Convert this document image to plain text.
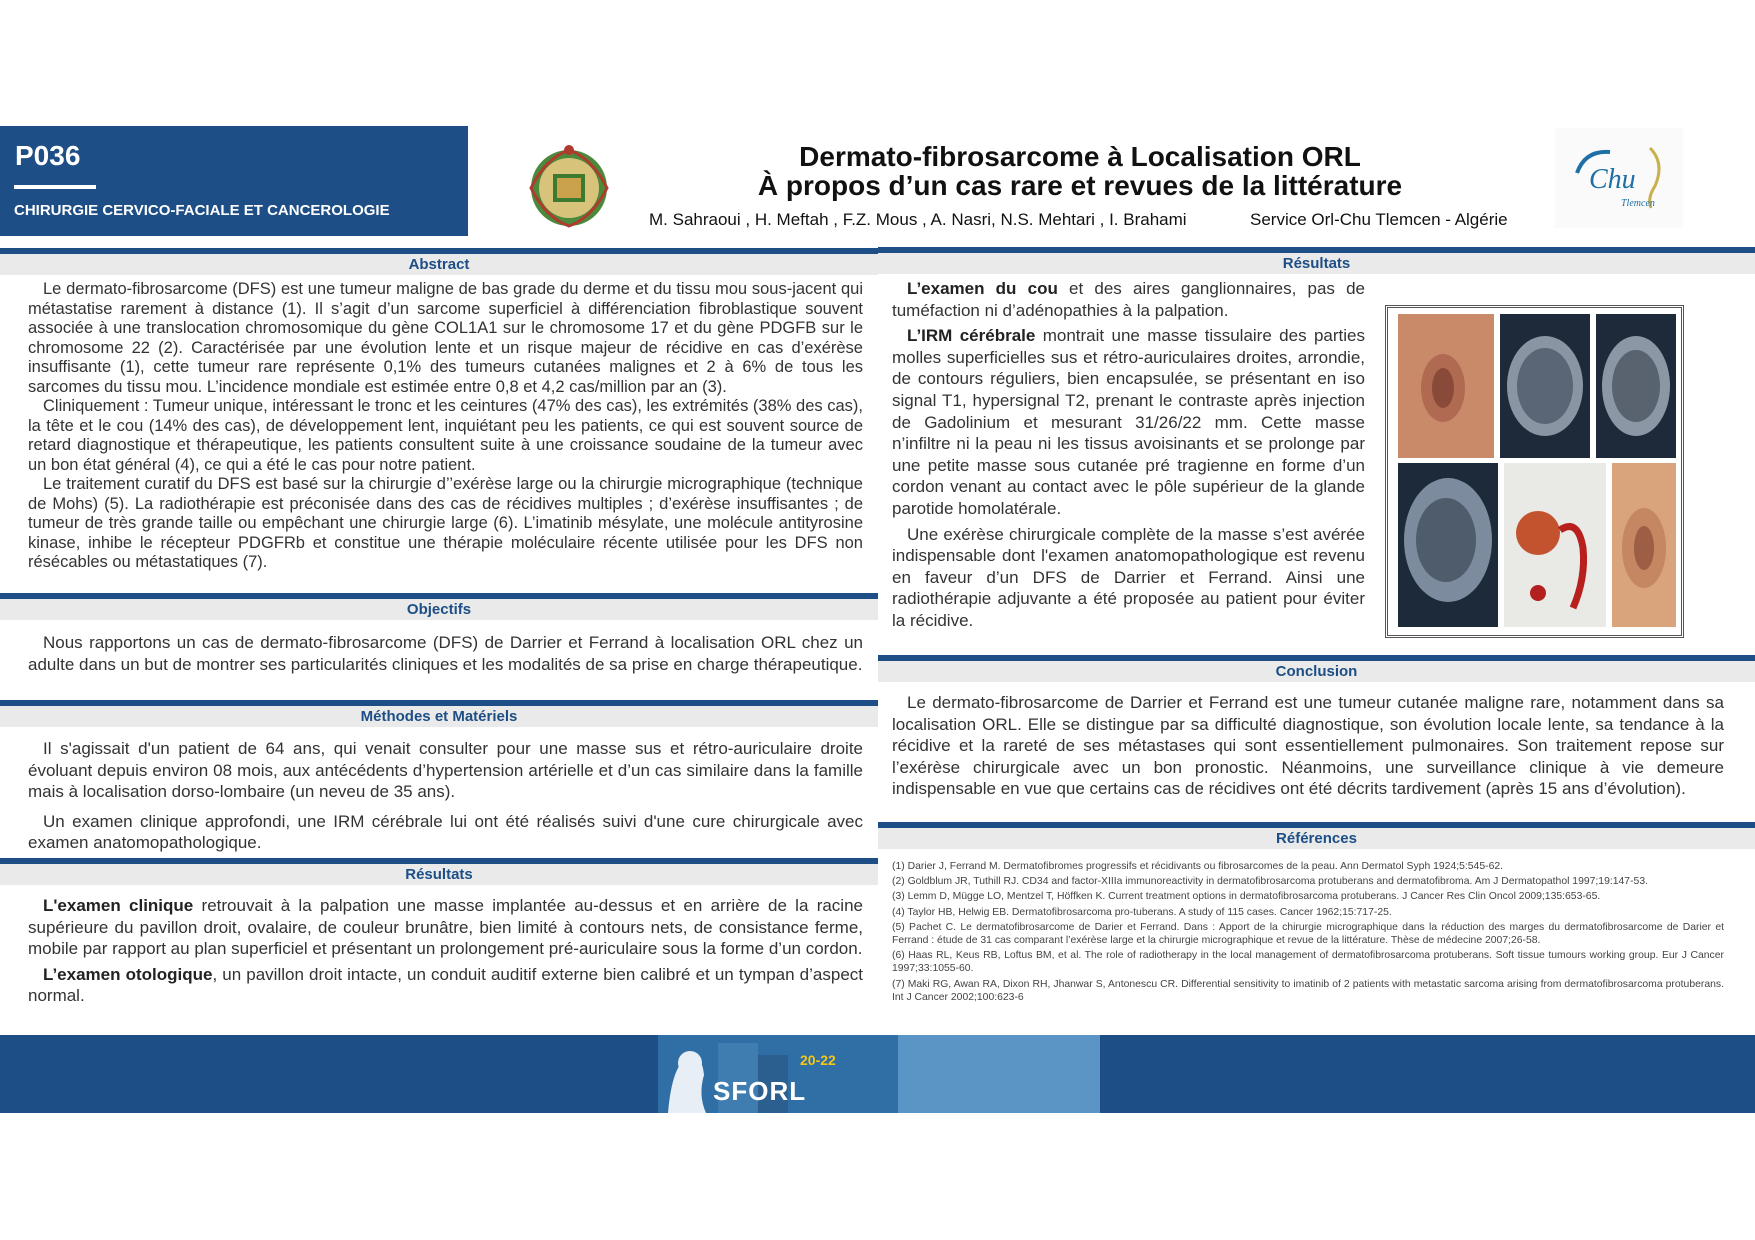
P036
CHIRURGIE CERVICO-FACIALE ET CANCEROLOGIE
Dermato-fibrosarcome à Localisation ORL
À propos d’un cas rare et revues de la littérature
M. Sahraoui , H. Meftah , F.Z. Mous , A. Nasri, N.S. Mehtari , I. Brahami	Service Orl-Chu Tlemcen - Algérie
Chu
Tlemcen
Abstract

Le dermato-fibrosarcome (DFS) est une tumeur maligne de bas grade du derme et du tissu mou sous-jacent qui métastatise rarement à distance (1). Il s’agit d’un sarcome superficiel à différenciation fibroblastique souvent associée à une translocation chromosomique du gène COL1A1 sur le chromosome 17 et du gène PDGFB sur le chromosome 22 (2). Caractérisée par une évolution lente et un risque majeur de récidive en cas d’exérèse insuffisante (1), cette tumeur rare représente 0,1% des tumeurs cutanées malignes et 2 à 6% de tous les sarcomes du tissu mou. L’incidence mondiale est estimée entre 0,8 et 4,2 cas/million par an (3).

Cliniquement : Tumeur unique, intéressant le tronc et les ceintures (47% des cas), les extrémités (38% des cas), la tête et le cou (14% des cas), de développement lent, inquiétant peu les patients, ce qui est souvent source de retard diagnostique et thérapeutique, les patients consultent suite à une croissance soudaine de la tumeur avec un bon état général (4), ce qui a été le cas pour notre patient.

Le traitement curatif du DFS est basé sur la chirurgie d’’exérèse large ou la chirurgie micrographique (technique de Mohs) (5). La radiothérapie est préconisée dans des cas de récidives multiples ; d’exérèse insuffisantes ; de tumeur de très grande taille ou empêchant une chirurgie large (6). L’imatinib mésylate, une molécule antityrosine kinase, inhibe le récepteur PDGFRb et constitue une thérapie moléculaire récente utilisée pour les DFS non résécables ou métastatiques (7).

Objectifs

Nous rapportons un cas de dermato-fibrosarcome (DFS) de Darrier et Ferrand à localisation ORL chez un adulte dans un but de montrer ses particularités cliniques et les modalités de sa prise en charge thérapeutique.

Méthodes et Matériels

Il s'agissait d'un patient de 64 ans, qui venait consulter pour une masse sus et rétro-auriculaire droite évoluant depuis environ 08 mois, aux antécédents d’hypertension artérielle et d’un cas similaire dans la famille mais à localisation dorso-lombaire (un neveu de 35 ans).

Un examen clinique approfondi, une IRM cérébrale lui ont été réalisés suivi d'une cure chirurgicale avec examen anatomopathologique.

Résultats

L'examen clinique retrouvait à la palpation une masse implantée au-dessus et en arrière de la racine supérieure du pavillon droit, ovalaire, de couleur brunâtre, bien limité à contours nets, de consistance ferme, mobile par rapport au plan superficiel et présentant un prolongement pré-auriculaire sous la forme d’un cordon.

L’examen otologique, un pavillon droit intacte, un conduit auditif externe bien calibré et un tympan d’aspect normal.

Résultats

L’examen du cou et des aires ganglionnaires, pas de tuméfaction ni d’adénopathies à la palpation.

L’IRM cérébrale montrait une masse tissulaire des parties molles superficielles sus et rétro-auriculaires droites, arrondie, de contours réguliers, bien encapsulée, se présentant en iso signal T1, hypersignal T2, prenant le contraste après injection de Gadolinium et mesurant 31/26/22 mm. Cette masse n’infiltre ni la peau ni les tissus avoisinants et se prolonge par une petite masse sous cutanée pré tragienne en forme d’un cordon venant au contact avec le pôle supérieur de la glande parotide homolatérale.

Une exérèse chirurgicale complète de la masse s’est avérée indispensable dont l'examen anatomopathologique est revenu en faveur d’un DFS de Darrier et Ferrand. Ainsi une radiothérapie adjuvante a été proposée au patient pour éviter la récidive.

Conclusion

Le dermato-fibrosarcome de Darrier et Ferrand est une tumeur cutanée maligne rare, notamment dans sa localisation ORL. Elle se distingue par sa difficulté diagnostique, son évolution locale lente, sa tendance à la récidive et la rareté de ses métastases qui sont essentiellement pulmonaires. Son traitement repose sur l’exérèse chirurgicale avec un bon pronostic. Néanmoins, une surveillance clinique à vie demeure indispensable en vue que certains cas de récidives ont été décrits tardivement (après 15 ans d’évolution).

Références

(1) Darier J, Ferrand M. Dermatofibromes progressifs et récidivants ou fibrosarcomes de la peau. Ann Dermatol Syph 1924;5:545-62.

(2) Goldblum JR, Tuthill RJ. CD34 and factor-XIIIa immunoreactivity in dermatofibrosarcoma protuberans and dermatofibroma. Am J Dermatopathol 1997;19:147-53.

(3) Lemm D, Mügge LO, Mentzel T, Höffken K. Current treatment options in dermatofibrosarcoma protuberans. J Cancer Res Clin Oncol 2009;135:653-65.

(4) Taylor HB, Helwig EB. Dermatofibrosarcoma pro-tuberans. A study of 115 cases. Cancer 1962;15:717-25.

(5) Pachet C. Le dermatofibrosarcome de Darier et Ferrand. Dans : Apport de la chirurgie micrographique dans la réduction des marges du dermatofibrosarcome de Darier et Ferrand : étude de 31 cas comparant l’exérèse large et la chirurgie micrographique et revue de la littérature. Thèse de médecine 2007;26-58.

(6) Haas RL, Keus RB, Loftus BM, et al. The role of radiotherapy in the local management of dermatofibrosarcoma protuberans. Soft tissue tumours working group. Eur J Cancer 1997;33:1055-60.

(7) Maki RG, Awan RA, Dixon RH, Jhanwar S, Antonescu CR. Differential sensitivity to imatinib of 2 patients with metastatic sarcoma arising from dermatofibrosarcoma protuberans. Int J Cancer 2002;100:623-6

SFORL
20-22
